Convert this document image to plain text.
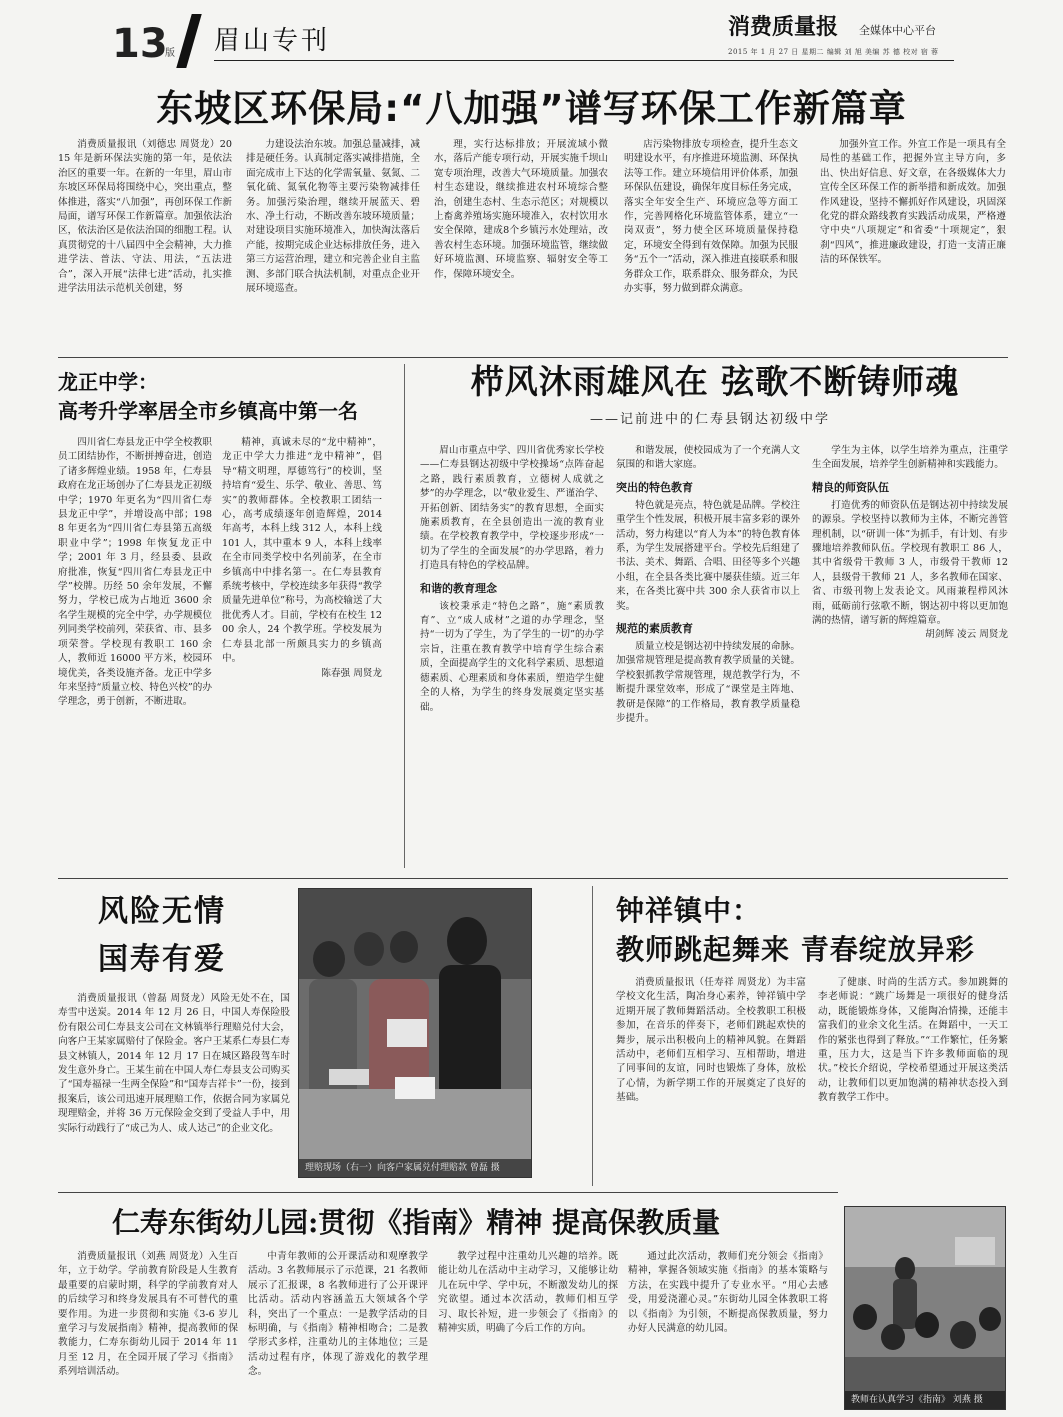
13
版 眉山专刊	消费质量报 全媒体中心平台
2015 年 1 月 27 日 星期二 编辑 刘 旭 美编 苏 德 校对 宿 蓉
东坡区环保局:“八加强”谱写环保工作新篇章

消费质量报讯（刘德忠 周贤龙）2015 年是新环保法实施的第一年，是依法治区的重要一年。在新的一年里，眉山市东坡区环保局将围绕中心，突出重点，整体推进，落实“八加强”，再创环保工作新局面，谱写环保工作新篇章。加强依法治区，依法治区是依法治国的细胞工程。认真贯彻党的十八届四中全会精神，大力推进学法、普法、守法、用法，“五法进合”，深入开展“法律七进”活动，扎实推进学法用法示范机关创建，努

力建设法治东坡。加强总量减排，减排是硬任务。认真制定落实减排措施，全面完成市上下达的化学需氧量、氨氮、二氧化硫、氮氧化物等主要污染物减排任务。加强污染治理，继续开展蓝天、碧水、净土行动，不断改善东坡环境质量；对建设项目实施环境准入，加快淘汰落后产能，按期完成企业达标排放任务，进入第三方运营治理，建立和完善企业自主监测、多部门联合执法机制，对重点企业开展环境巡查。

理，实行达标排放；开展流域小微水，落后产能专项行动，开展实施千坝山宽专项治理，改善大气环境质量。加强农村生态建设，继续推进农村环境综合整治，创建生态村、生态示范区；对规模以上畜禽养殖场实施环境准入，农村饮用水安全保障，建成8个乡镇污水处理站，改善农村生态环境。加强环境监管，继续做好环境监测、环境监察、辐射安全等工作，保障环境安全。

店污染物排放专项检查，提升生态文明建设水平，有序推进环境监测、环保执法等工作。建立环境信用评价体系，加强环保队伍建设，确保年度目标任务完成，落实全年安全生产、环境应急等方面工作，完善网格化环境监管体系，建立“一岗双责”，努力使全区环境质量保持稳定，环境安全得到有效保障。加强为民服务“五个一”活动，深入推进直接联系和服务群众工作，联系群众、服务群众，为民办实事，努力做到群众满意。

加强外宣工作。外宣工作是一项具有全局性的基础工作，把握外宣主导方向，多出、快出好信息、好文章，在各级媒体大力宣传全区环保工作的新举措和新成效。加强作风建设，坚持不懈抓好作风建设，巩固深化党的群众路线教育实践活动成果，严格遵守中央“八项规定”和省委“十项规定”，狠刹“四风”，推进廉政建设，打造一支清正廉洁的环保铁军。

龙正中学：
高考升学率居全市乡镇高中第一名

四川省仁寿县龙正中学全校教职员工团结协作，不断拼搏奋进，创造了诸多辉煌业绩。1958 年，仁寿县政府在龙正场创办了仁寿县龙正初级中学；1970 年更名为“四川省仁寿县龙正中学”，并增设高中部；1988 年更名为“四川省仁寿县第五高级职业中学”；1998 年恢复龙正中学；2001 年 3 月，经县委、县政府批准，恢复“四川省仁寿县龙正中学”校牌。历经 50 余年发展，不懈努力，学校已成为占地近 3600 余名学生规模的完全中学，办学规模位列同类学校前列，荣获省、市、县多项荣誉。学校现有教职工 160 余人，教师近 16000 平方米，校园环境优美，各类设施齐备。龙正中学多年来坚持“质量立校、特色兴校”的办学理念，勇于创新，不断进取。

精神，真诚未尽的“龙中精神”，龙正中学大力推进“龙中精神”，倡导“精文明理，厚德笃行”的校训，坚持培育“爱生、乐学、敬业、善思、笃实”的教师群体。全校教职工团结一心，高考成绩逐年创造辉煌，2014 年高考，本科上线 312 人，本科上线 101 人，其中重本 9 人，本科上线率在全市同类学校中名列前茅，在全市乡镇高中中排名第一。在仁寿县教育系统考核中，学校连续多年获得“教学质量先进单位”称号，为高校输送了大批优秀人才。目前，学校有在校生 1200 余人，24 个教学班。学校发展为仁寿县北部一所颇具实力的乡镇高中。

陈春强 周贤龙

栉风沐雨雄风在 弦歌不断铸师魂
——记前进中的仁寿县钢达初级中学

眉山市重点中学、四川省优秀家长学校——仁寿县钢达初级中学校操场“点阵奋起之路，践行素质教育，立德树人成就之梦”的办学理念，以“敬业爱生、严谨治学、开拓创新、团结务实”的教育思想，全面实施素质教育，在全县创造出一流的教育业绩。在学校教育教学中，学校逐步形成“一切为了学生的全面发展”的办学思路，着力打造具有特色的学校品牌。

和谐的教育理念

该校秉承走“特色之路”，施“素质教育”、立“成人成材”之道的办学理念，坚持“一切为了学生，为了学生的一切”的办学宗旨，注重在教育教学中培育学生综合素质，全面提高学生的文化科学素质、思想道德素质、心理素质和身体素质，塑造学生健全的人格，为学生的终身发展奠定坚实基础。

和谐发展，使校园成为了一个充满人文氛围的和谐大家庭。

突出的特色教育

特色就是亮点，特色就是品牌。学校注重学生个性发展，积极开展丰富多彩的课外活动，努力构建以“育人为本”的特色教育体系，为学生发展搭建平台。学校先后组建了书法、美术、舞蹈、合唱、田径等多个兴趣小组，在全县各类比赛中屡获佳绩。近三年来，在各类比赛中共 300 余人获省市以上奖。

规范的素质教育

质量立校是钢达初中持续发展的命脉。加强常规管理是提高教育教学质量的关键。学校狠抓教学常规管理，规范教学行为，不断提升课堂效率，形成了“课堂是主阵地、教研是保障”的工作格局，教育教学质量稳步提升。

学生为主体，以学生培养为重点，注重学生全面发展，培养学生创新精神和实践能力。

精良的师资队伍

打造优秀的师资队伍是钢达初中持续发展的源泉。学校坚持以教师为主体，不断完善管理机制，以“研训一体”为抓手，有计划、有步骤地培养教师队伍。学校现有教职工 86 人，其中省级骨干教师 3 人，市级骨干教师 12 人，县级骨干教师 21 人，多名教师在国家、省、市级刊物上发表论文。风雨兼程栉风沐雨，砥砺前行弦歌不断，钢达初中将以更加饱满的热情，谱写新的辉煌篇章。

胡剑辉 凌云 周贤龙

风险无情
国寿有爱

消费质量报讯（曾磊 周贤龙）风险无处不在，国寿雪中送炭。2014 年 12 月 26 日，中国人寿保险股份有限公司仁寿县支公司在文林镇举行理赔兑付大会，向客户王某家属赔付了保险金。客户王某系仁寿县仁寿县文林镇人，2014 年 12 月 17 日在城区路段驾车时发生意外身亡。王某生前在中国人寿仁寿县支公司购买了“国寿福禄一生两全保险”和“国寿吉祥卡”一份，接到报案后，该公司迅速开展理赔工作，依据合同为家属兑现理赔金，并将 36 万元保险金交到了受益人手中，用实际行动践行了“成己为人、成人达己”的企业文化。

理赔现场（右一）向客户家属兑付理赔款 曾磊 摄
钟祥镇中：
教师跳起舞来 青春绽放异彩

消费质量报讯（任寿祥 周贤龙）为丰富学校文化生活，陶冶身心素养，钟祥镇中学近期开展了教师舞蹈活动。全校教职工积极参加，在音乐的伴奏下，老师们跳起欢快的舞步，展示出积极向上的精神风貌。在舞蹈活动中，老师们互相学习、互相帮助，增进了同事间的友谊，同时也锻炼了身体，放松了心情，为新学期工作的开展奠定了良好的基础。

了健康、时尚的生活方式。参加跳舞的李老师说：“跳广场舞是一项很好的健身活动，既能锻炼身体，又能陶冶情操，还能丰富我们的业余文化生活。在舞蹈中，一天工作的紧张也得到了释放。”“工作繁忙，任务繁重，压力大，这是当下许多教师面临的现状。”校长介绍说，学校希望通过开展这类活动，让教师们以更加饱满的精神状态投入到教育教学工作中。

仁寿东街幼儿园:贯彻《指南》精神 提高保教质量

消费质量报讯（刘燕 周贤龙）入生百年，立于幼学。学前教育阶段是人生教育最重要的启蒙时期，科学的学前教育对人的后续学习和终身发展具有不可替代的重要作用。为进一步贯彻和实施《3-6 岁儿童学习与发展指南》精神，提高教师的保教能力，仁寿东街幼儿园于 2014 年 11 月至 12 月，在全园开展了学习《指南》系列培训活动。

中青年教师的公开课活动和观摩教学活动。3 名教师展示了示范课，21 名教师展示了汇报课，8 名教师进行了公开课评比活动。活动内容涵盖五大领域各个学科，突出了一个重点：一是教学活动的目标明确，与《指南》精神相吻合；二是教学形式多样，注重幼儿的主体地位；三是活动过程有序，体现了游戏化的教学理念。

教学过程中注重幼儿兴趣的培养。既能让幼儿在活动中主动学习，又能够让幼儿在玩中学、学中玩，不断激发幼儿的探究欲望。通过本次活动，教师们相互学习、取长补短，进一步领会了《指南》的精神实质，明确了今后工作的方向。

通过此次活动，教师们充分领会《指南》精神，掌握各领域实施《指南》的基本策略与方法，在实践中提升了专业水平。“用心去感受，用爱浇灌心灵。”东街幼儿园全体教职工将以《指南》为引领，不断提高保教质量，努力办好人民满意的幼儿园。

教师在认真学习《指南》 刘燕 摄
